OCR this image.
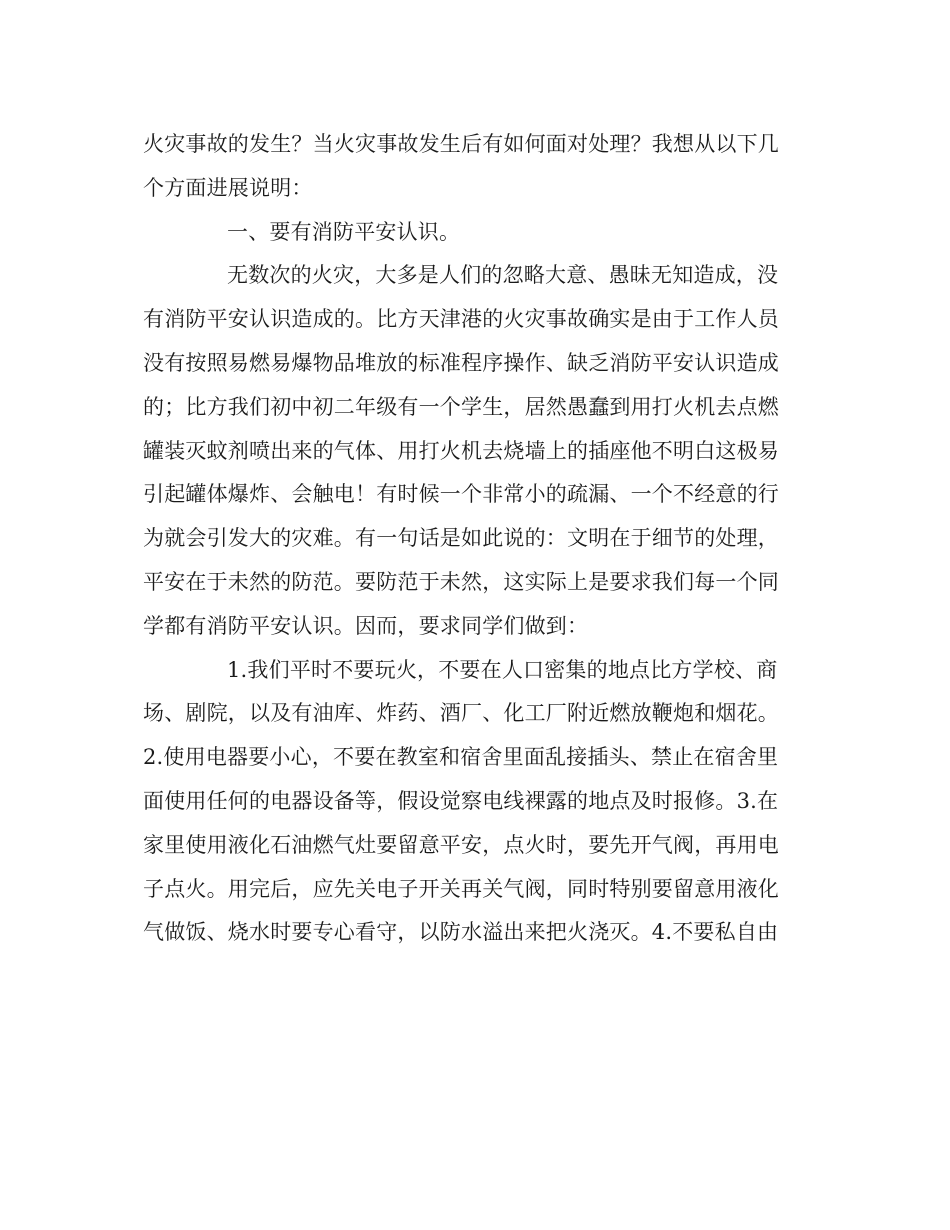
火灾事故的发生？当火灾事故发生后有如何面对处理？我想从以下几
个方面进展说明：
一、要有消防平安认识。
无数次的火灾，大多是人们的忽略大意、愚昧无知造成，没
有消防平安认识造成的。比方天津港的火灾事故确实是由于工作人员
没有按照易燃易爆物品堆放的标准程序操作、缺乏消防平安认识造成
的；比方我们初中初二年级有一个学生，居然愚蠢到用打火机去点燃
罐装灭蚊剂喷出来的气体、用打火机去烧墙上的插座他不明白这极易
引起罐体爆炸、会触电！有时候一个非常小的疏漏、一个不经意的行
为就会引发大的灾难。有一句话是如此说的：文明在于细节的处理，
平安在于未然的防范。要防范于未然，这实际上是要求我们每一个同
学都有消防平安认识。因而，要求同学们做到：
1.我们平时不要玩火，不要在人口密集的地点比方学校、商
场、剧院，以及有油库、炸药、酒厂、化工厂附近燃放鞭炮和烟花。
2.使用电器要小心，不要在教室和宿舍里面乱接插头、禁止在宿舍里
面使用任何的电器设备等，假设觉察电线裸露的地点及时报修。3.在
家里使用液化石油燃气灶要留意平安，点火时，要先开气阀，再用电
子点火。用完后，应先关电子开关再关气阀，同时特别要留意用液化
气做饭、烧水时要专心看守，以防水溢出来把火浇灭。4.不要私自由
